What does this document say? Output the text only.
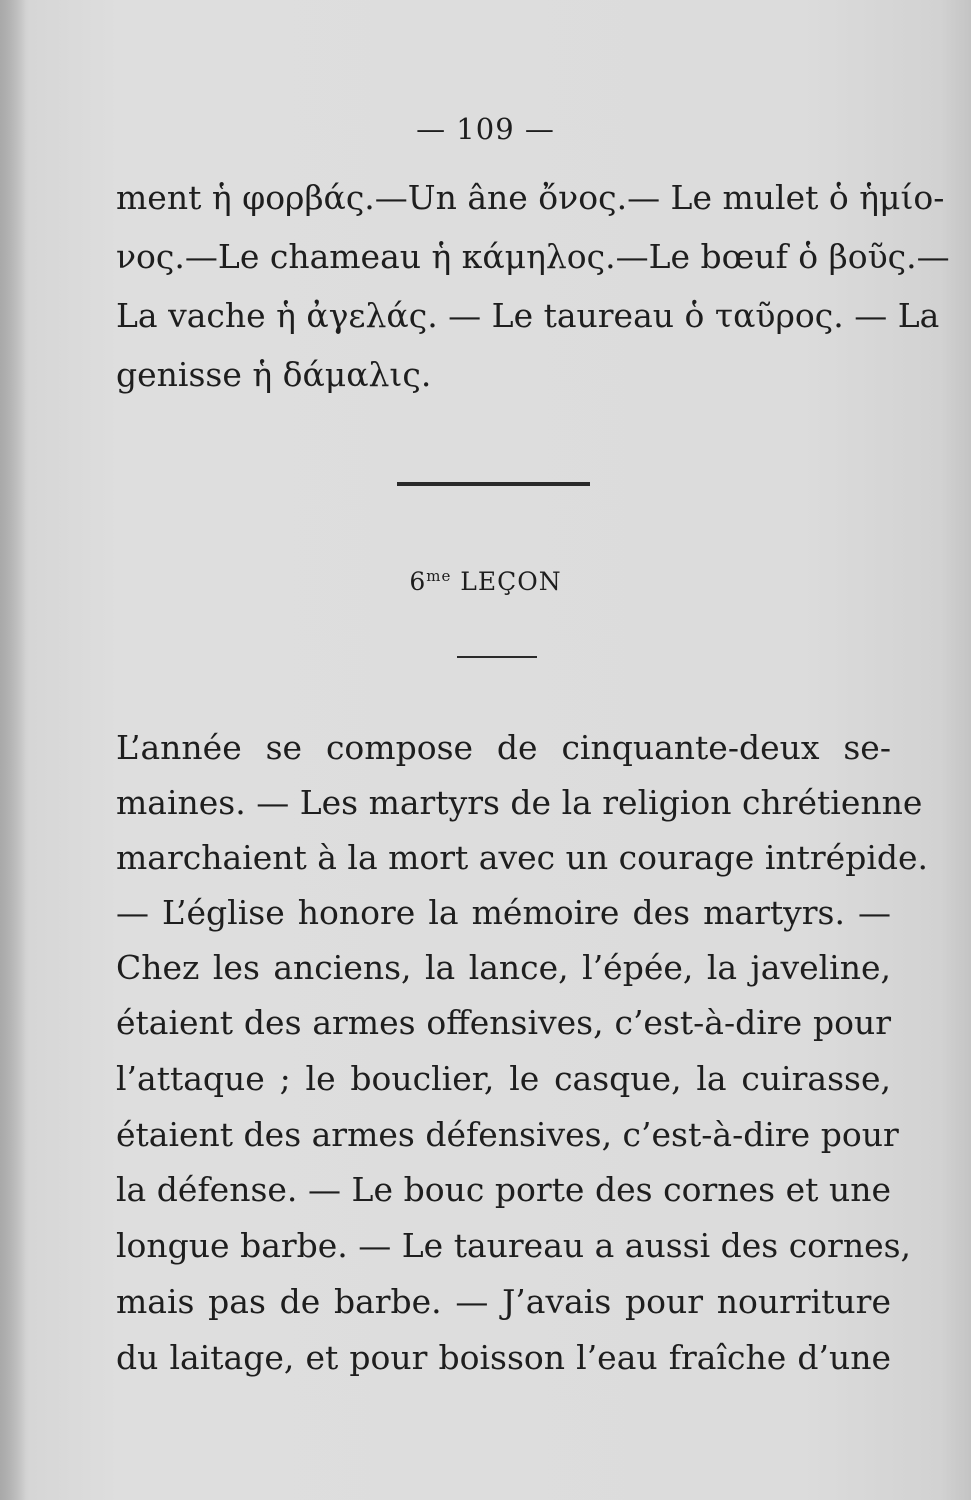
— 109 —
ment ἡ φορβάς.—Un âne ὄνος.— Le mulet ὁ ἡμίο-
νος.—Le chameau ἡ κάμηλος.—Le bœuf ὁ βοῦς.—
La vache ἡ ἀγελάς. — Le taureau ὁ ταῦρος. — La
genisse ἡ δάμαλις.
$6^{me}$ LEÇON
L’année se compose de cinquante-deux se-
maines. — Les martyrs de la religion chrétienne
marchaient à la mort avec un courage intrépide.
— L’église honore la mémoire des martyrs. —
Chez les anciens, la lance, l’épée, la javeline,
étaient des armes offensives, c’est-à-dire pour
l’attaque ; le bouclier, le casque, la cuirasse,
étaient des armes défensives, c’est-à-dire pour
la défense. — Le bouc porte des cornes et une
longue barbe. — Le taureau a aussi des cornes,
mais pas de barbe. — J’avais pour nourriture
du laitage, et pour boisson l’eau fraîche d’une
